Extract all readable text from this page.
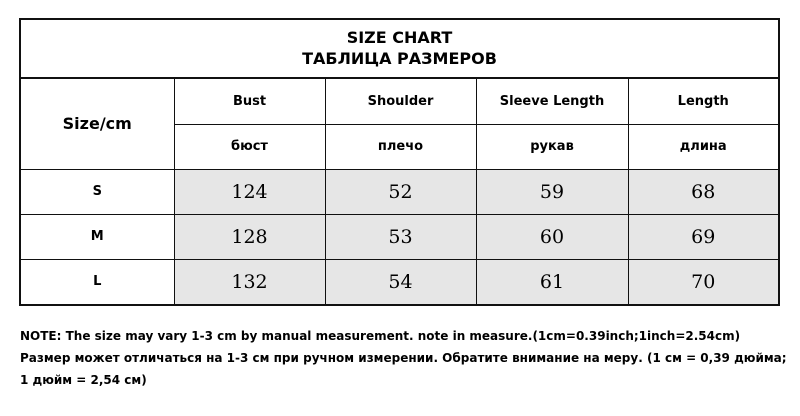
SIZE CHART
ТАБЛИЦА РАЗМЕРОВ
Size/cm	Bust	Shoulder	Sleeve Length	Length
	бюст	плечо	рукав	длина
S	124	52	59	68
M	128	53	60	69
L	132	54	61	70

NOTE: The size may vary 1-3 cm by manual measurement. note in measure.(1cm=0.39inch;1inch=2.54cm)

Размер может отличаться на 1-3 см при ручном измерении. Обратите внимание на меру. (1 см = 0,39 дюйма; 1 дюйм = 2,54 см)
